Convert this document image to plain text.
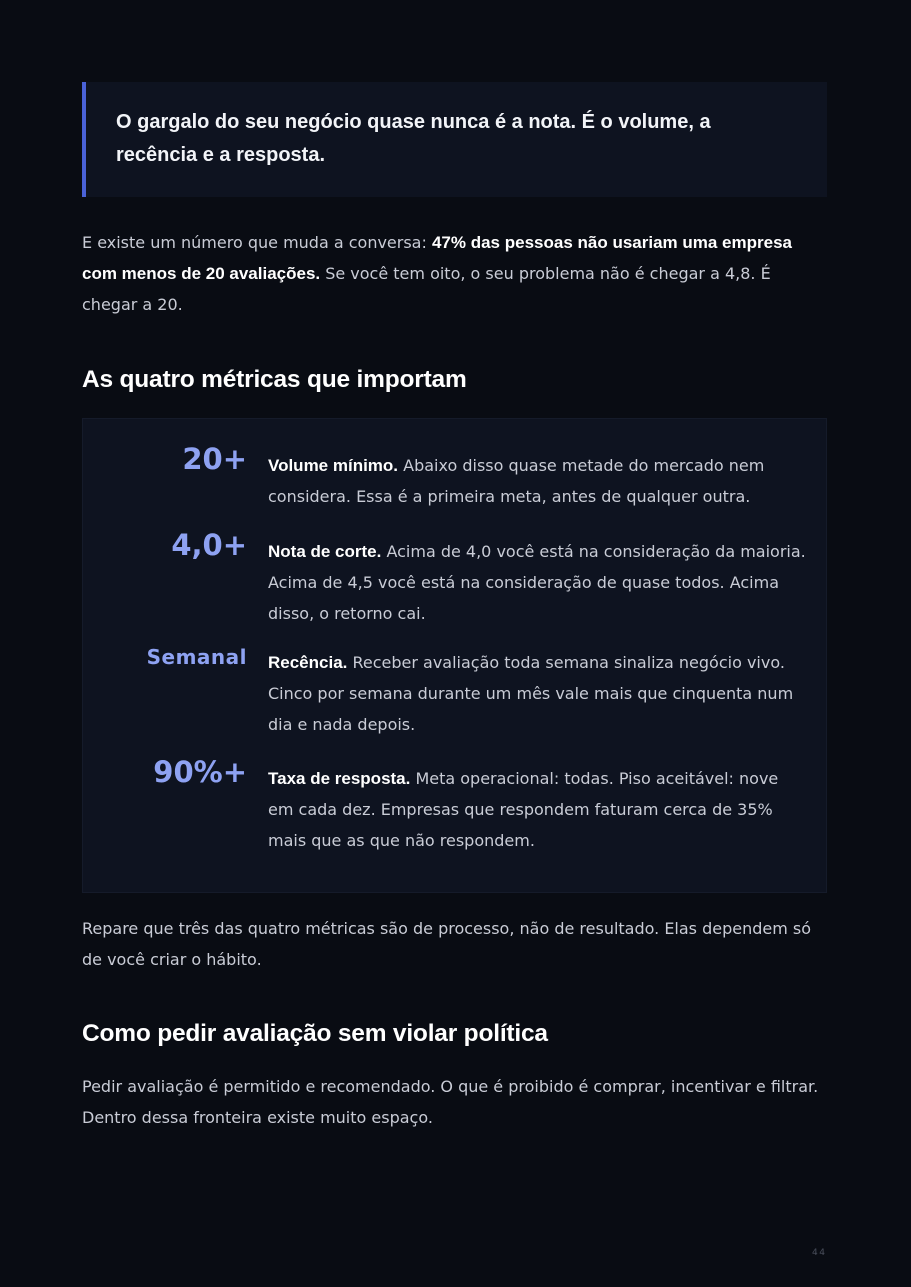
O gargalo do seu negócio quase nunca é a nota. É o volume, a recência e a resposta.

E existe um número que muda a conversa: 47% das pessoas não usariam uma empresa com menos de 20 avaliações. Se você tem oito, o seu problema não é chegar a 4,8. É chegar a 20.

As quatro métricas que importam
20+ Volume mínimo. Abaixo disso quase metade do mercado nem considera. Essa é a primeira meta, antes de qualquer outra.

4,0+ Nota de corte. Acima de 4,0 você está na consideração da maioria. Acima de 4,5 você está na consideração de quase todos. Acima disso, o retorno cai.

Semanal Recência. Receber avaliação toda semana sinaliza negócio vivo. Cinco por semana durante um mês vale mais que cinquenta num dia e nada depois.

90%+ Taxa de resposta. Meta operacional: todas. Piso aceitável: nove em cada dez. Empresas que respondem faturam cerca de 35% mais que as que não respondem.

Repare que três das quatro métricas são de processo, não de resultado. Elas dependem só de você criar o hábito.

Como pedir avaliação sem violar política

Pedir avaliação é permitido e recomendado. O que é proibido é comprar, incentivar e filtrar. Dentro dessa fronteira existe muito espaço.

44
